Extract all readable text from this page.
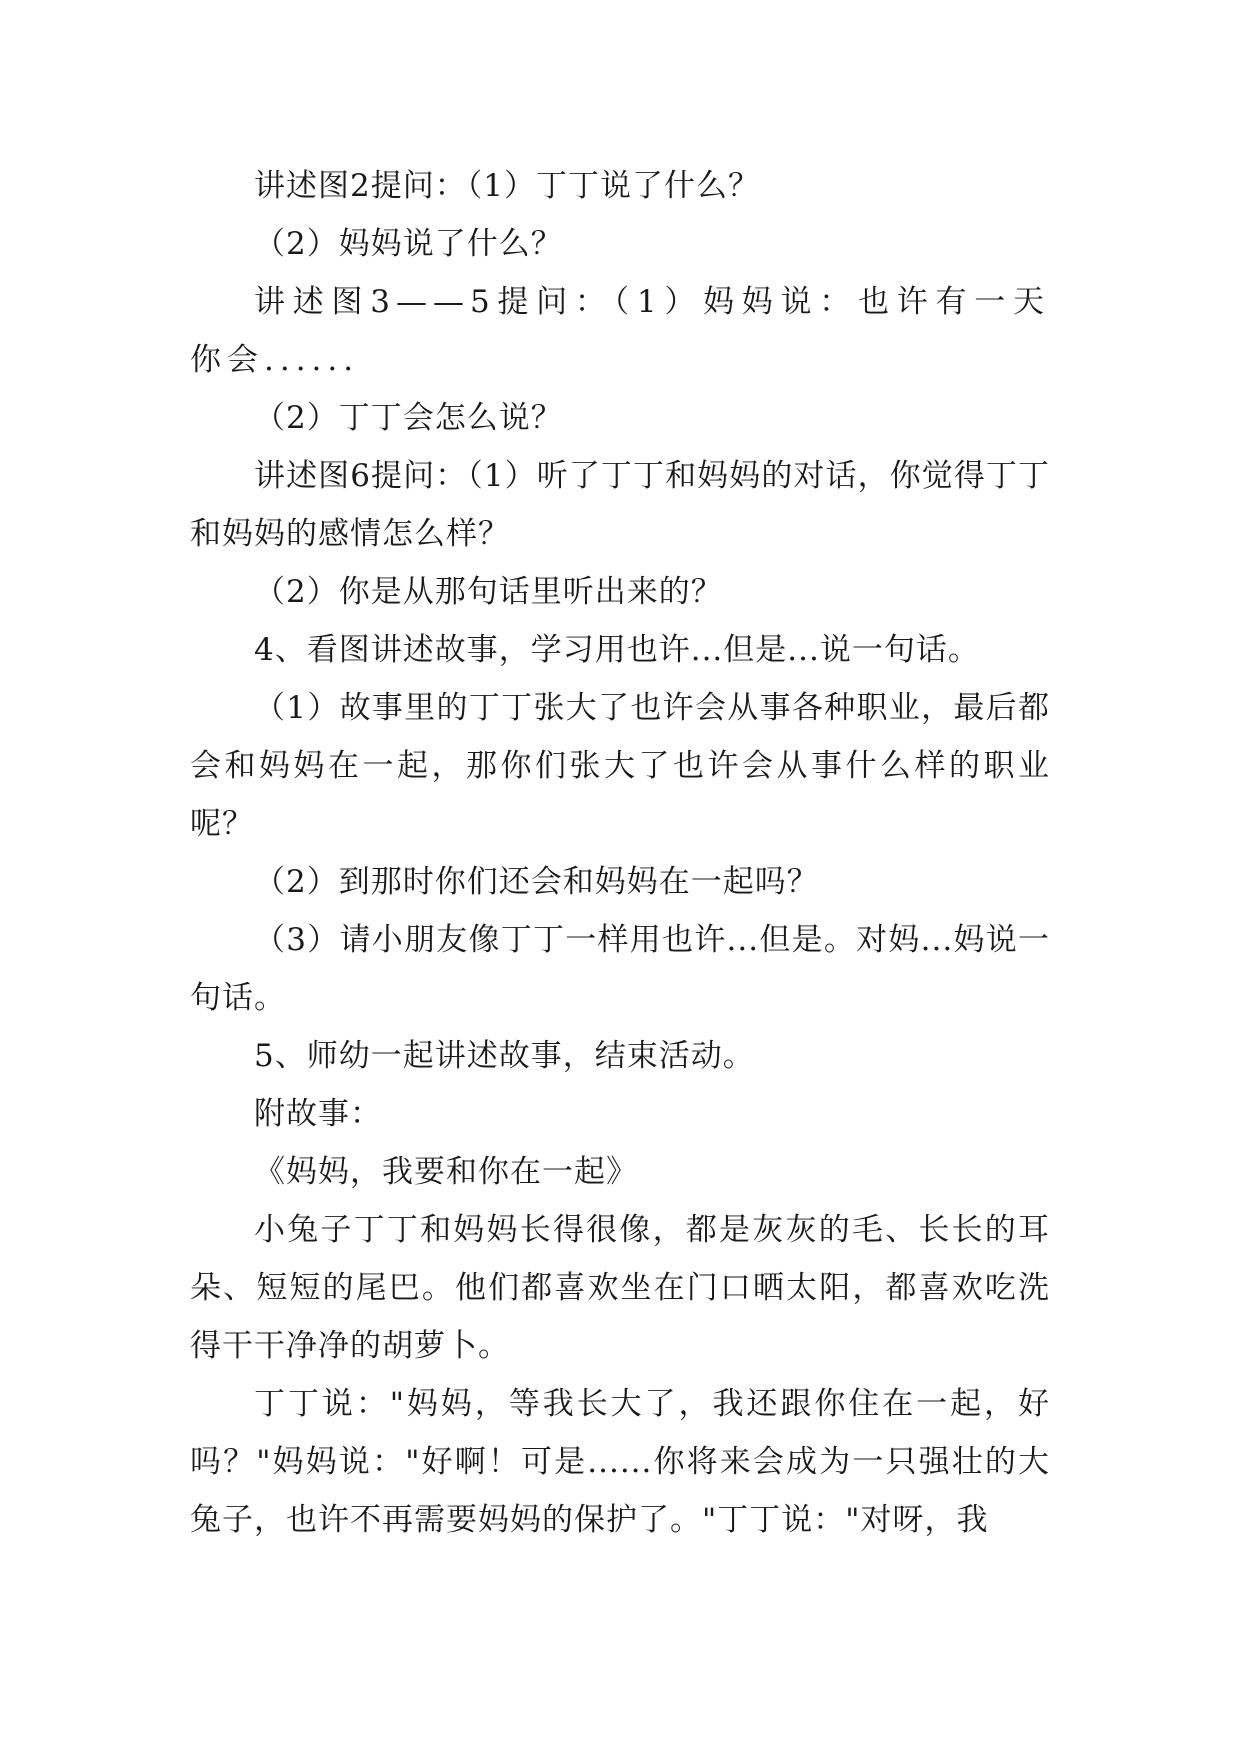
讲述图2提问：（1）丁丁说了什么？

（2）妈妈说了什么？

讲述图3——5提问：（1）妈妈说：也许有一天你会......

（2）丁丁会怎么说？

讲述图6提问：（1）听了丁丁和妈妈的对话，你觉得丁丁和妈妈的感情怎么样？

（2）你是从那句话里听出来的？

4、看图讲述故事，学习用也许...但是...说一句话。

（1）故事里的丁丁张大了也许会从事各种职业，最后都会和妈妈在一起，那你们张大了也许会从事什么样的职业呢？

（2）到那时你们还会和妈妈在一起吗？

（3）请小朋友像丁丁一样用也许...但是。对妈...妈说一句话。

5、师幼一起讲述故事，结束活动。

附故事：

《妈妈，我要和你在一起》

小兔子丁丁和妈妈长得很像，都是灰灰的毛、长长的耳朵、短短的尾巴。他们都喜欢坐在门口晒太阳，都喜欢吃洗得干干净净的胡萝卜。

丁丁说："妈妈，等我长大了，我还跟你住在一起，好吗？"妈妈说："好啊！可是......你将来会成为一只强壮的大兔子，也许不再需要妈妈的保护了。"丁丁说："对呀，我
